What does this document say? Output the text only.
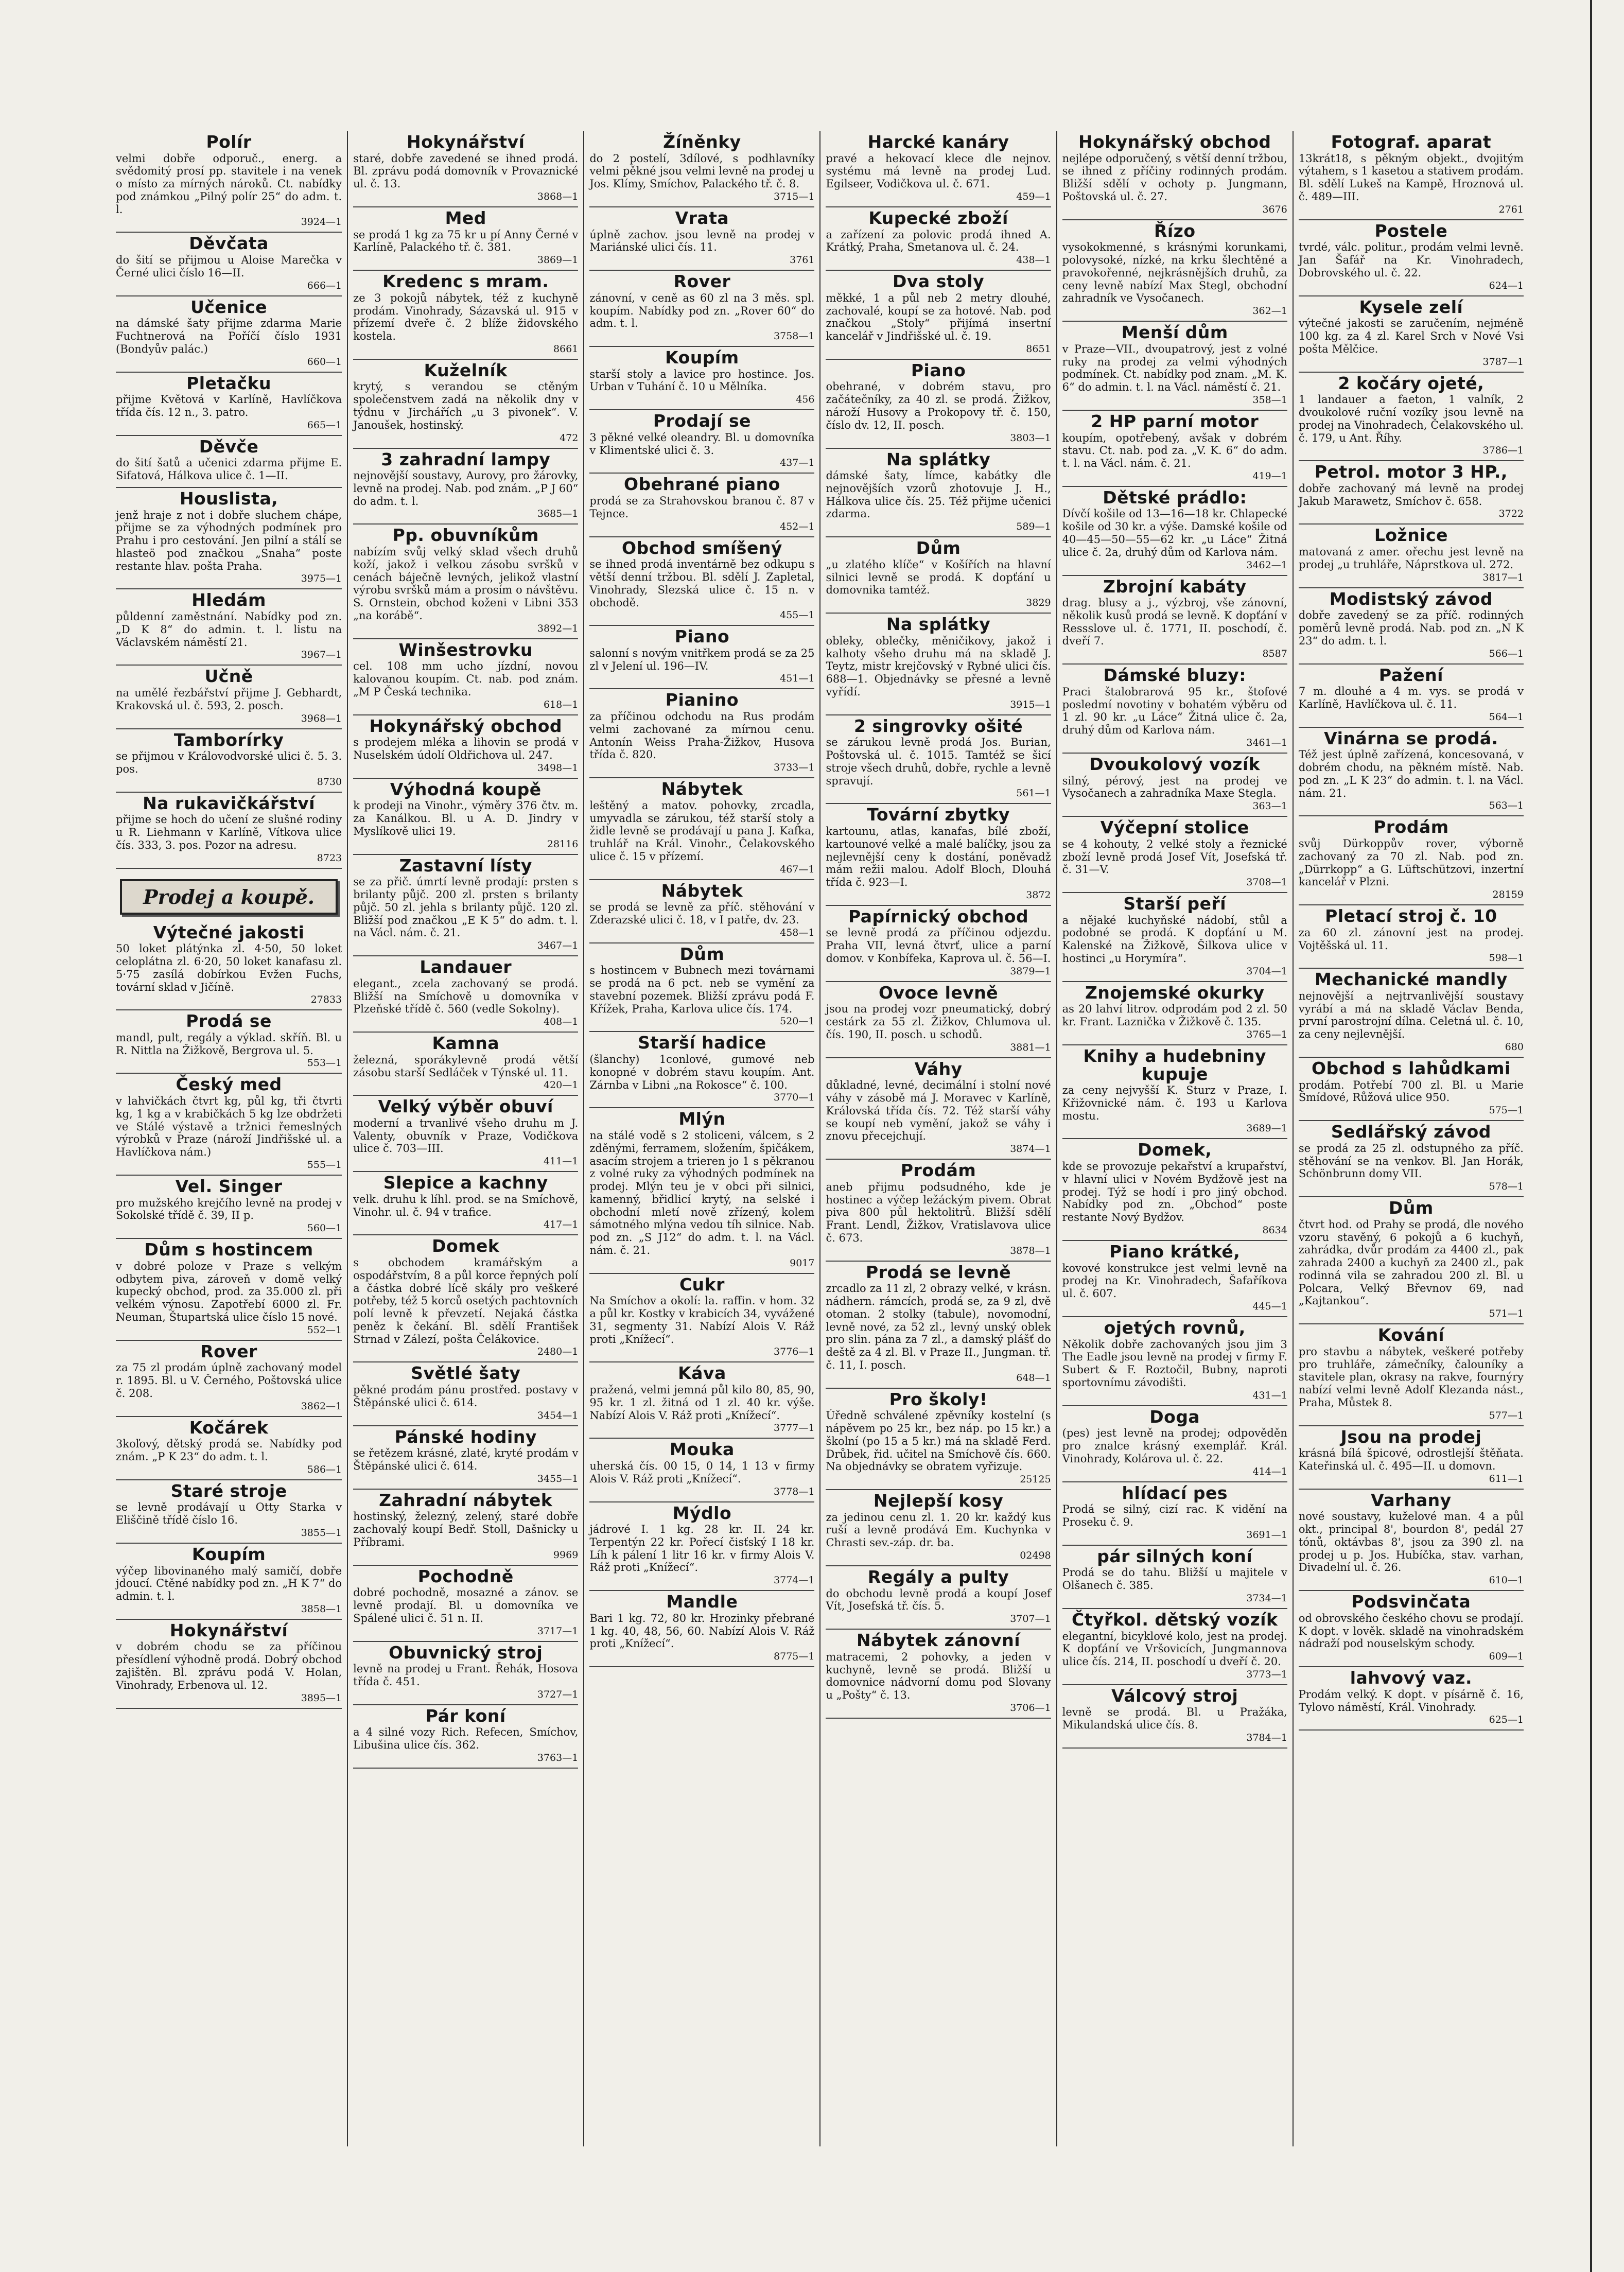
Polír

velmi dobře odporuč., energ. a svědomitý prosí pp. stavitele i na venek o místo za mírných nároků. Ct. nabídky pod známkou „Pilný polír 25“ do adm. t. l.

3924—1
Děvčata

do šití se přijmou u Aloise Marečka v Černé ulici číslo 16—II.

666—1
Učenice

na dámské šaty přijme zdarma Marie Fuchtnerová na Poříčí číslo 1931 (Bondyův palác.)

660—1
Pletačku

přijme Květová v Karlíně, Havlíčkova třída čís. 12 n., 3. patro.

665—1
Děvče

do šití šatů a učenici zdarma přijme E. Sifatová, Hálkova ulice č. 1—II.

Houslista,

jenž hraje z not i dobře sluchem chápe, přijme se za výhodných podmínek pro Prahu i pro cestování. Jen pilní a stálí se hlasteö pod značkou „Snaha“ poste restante hlav. pošta Praha.

3975—1
Hledám

půldenní zaměstnání. Nabídky pod zn. „D K 8“ do admin. t. l. listu na Václavském náměstí 21.

3967—1
Učně

na umělé řezbářství přijme J. Gebhardt, Krakovská ul. č. 593, 2. posch.

3968—1
Tamborírky

se přijmou v Královodvorské ulici č. 5. 3. pos.

8730
Na rukavičkářství

přijme se hoch do učení ze slušné rodiny u R. Liehmann v Karlíně, Vítkova ulice čís. 333, 3. pos. Pozor na adresu.

8723
Prodej a koupě.
Výtečné jakosti

50 loket plátýnka zl. 4·50, 50 loket celoplátna zl. 6·20, 50 loket kanafasu zl. 5·75 zasílá dobírkou Evžen Fuchs, tovární sklad v Jičíně.

27833
Prodá se

mandl, pult, regály a výklad. skříň. Bl. u R. Nittla na Žižkově, Bergrova ul. 5.

553—1
Český med

v lahvičkách čtvrt kg, půl kg, tři čtvrti kg, 1 kg a v krabičkách 5 kg lze obdržeti ve Stálé výstavě a tržnici řemeslných výrobků v Praze (nároží Jindřišské ul. a Havlíčkova nám.)

555—1
Vel. Singer

pro mužského krejčího levně na prodej v Sokolské třídě č. 39, II p.

560—1
Dům s hostincem

v dobré poloze v Praze s velkým odbytem piva, zároveň v domě velký kupecký obchod, prod. za 35.000 zl. při velkém výnosu. Zapotřebí 6000 zl. Fr. Neuman, Štupartská ulice číslo 15 nové.

552—1
Rover

za 75 zl prodám úplně zachovaný model r. 1895. Bl. u V. Černého, Poštovská ulice č. 208.

3862—1
Kočárek

3koľový, dětský prodá se. Nabídky pod znám. „P K 23“ do adm. t. l.

586—1
Staré stroje

se levně prodávají u Otty Starka v Eliščině třídě číslo 16.

3855—1
Koupím

výčep libovinaného malý samičí, dobře jdoucí. Ctěné nabídky pod zn. „H K 7“ do admin. t. l.

3858—1
Hokynářství

v dobrém chodu se za příčinou přesídlení výhodně prodá. Dobrý obchod zajištěn. Bl. zprávu podá V. Holan, Vinohrady, Erbenova ul. 12.

3895—1
Hokynářství

staré, dobře zavedené se ihned prodá. Bl. zprávu podá domovník v Provaznické ul. č. 13.

3868—1
Med

se prodá 1 kg za 75 kr u pí Anny Černé v Karlíně, Palackého tř. č. 381.

3869—1
Kredenc s mram.

ze 3 pokojů nábytek, též z kuchyně prodám. Vinohrady, Sázavská ul. 915 v přízemí dveře č. 2 blíže židovského kostela.

8661
Kuželník

krytý, s verandou se ctěným společenstvem zadá na několik dny v týdnu v Jirchářích „u 3 pivonek“. V. Janoušek, hostinský.

472
3 zahradní lampy

nejnovější soustavy, Aurovy, pro žárovky, levně na prodej. Nab. pod znám. „P J 60“ do adm. t. l.

3685—1
Pp. obuvníkům

nabízím svůj velký sklad všech druhů koží, jakož i velkou zásobu svršků v cenách báječně levných, jelikož vlastní výrobu svršků mám a prosím o návštěvu. S. Ornstein, obchod koženi v Libni 353 „na korábě“.

3892—1
Winšestrovku

cel. 108 mm ucho jízdní, novou kalovanou koupím. Ct. nab. pod znám. „M P Česká technika.

618—1
Hokynářský obchod

s prodejem mléka a lihovin se prodá v Nuselském údolí Oldřichova ul. 247.

3498—1
Výhodná koupě

k prodeji na Vinohr., výměry 376 čtv. m. za Kanálkou. Bl. u A. D. Jindry v Myslíkově ulici 19.

28116
Zastavní lísty

se za přič. úmrtí levně prodají: prsten s brilanty půjč. 200 zl. prsten s brilanty půjč. 50 zl. jehla s brilanty půjč. 120 zl. Bližší pod značkou „E K 5“ do adm. t. l. na Václ. nám. č. 21.

3467—1
Landauer

elegant., zcela zachovaný se prodá. Bližší na Smíchově u domovníka v Plzeňské třídě č. 560 (vedle Sokolny).

408—1
Kamna

železná, sporákylevně prodá větší zásobu starší Sedláček v Týnské ul. 11.

420—1
Velký výběr obuví

moderní a trvanlivé všeho druhu m J. Valenty, obuvník v Praze, Vodičkova ulice č. 703—III.

411—1
Slepice a kachny

velk. druhu k líhl. prod. se na Smíchově, Vinohr. ul. č. 94 v trafice.

417—1
Domek

s obchodem kramářským a ospodářstvím, 8 a půl korce řepných polí a částka dobré lícě skály pro veškeré potřeby, též 5 korců osetých pachtovních polí levně k převzetí. Nejaká částka peněz k čekání. Bl. sdělí František Strnad v Zálezí, pošta Čelákovice.

2480—1
Světlé šaty

pěkné prodám pánu prostřed. postavy v Štěpánské ulici č. 614.

3454—1
Pánské hodiny

se řetězem krásné, zlaté, kryté prodám v Štěpánské ulici č. 614.

3455—1
Zahradní nábytek

hostinský, železný, zelený, staré dobře zachovalý koupí Bedř. Stoll, Dašnicky u Příbrami.

9969
Pochodně

dobré pochodně, mosazné a zánov. se levně prodají. Bl. u domovníka ve Spálené ulici č. 51 n. II.

3717—1
Obuvnický stroj

levně na prodej u Frant. Řehák, Hosova třída č. 451.

3727—1
Pár koní

a 4 silné vozy Rich. Refecen, Smíchov, Libušina ulice čís. 362.

3763—1
Žíněnky

do 2 postelí, 3dílové, s podhlavníky velmi pěkné jsou velmi levně na prodej u Jos. Klímy, Smíchov, Palackého tř. č. 8.

3715—1
Vrata

úplně zachov. jsou levně na prodej v Mariánské ulici čís. 11.

3761
Rover

zánovní, v ceně as 60 zl na 3 měs. spl. koupím. Nabídky pod zn. „Rover 60“ do adm. t. l.

3758—1
Koupím

starší stoly a lavice pro hostince. Jos. Urban v Tuhání č. 10 u Mělníka.

456
Prodají se

3 pěkné velké oleandry. Bl. u domovníka v Klimentské ulici č. 3.

437—1
Obehrané piano

prodá se za Strahovskou branou č. 87 v Tejnce.

452—1
Obchod smíšený

se ihned prodá inventárně bez odkupu s větší denní tržbou. Bl. sdělí J. Zapletal, Vinohrady, Slezská ulice č. 15 n. v obchodě.

455—1
Piano

salonní s novým vnitřkem prodá se za 25 zl v Jelení ul. 196—IV.

451—1
Pianino

za příčinou odchodu na Rus prodám velmi zachované za mírnou cenu. Antonín Weiss Praha-Žižkov, Husova třída č. 820.

3733—1
Nábytek

leštěný a matov. pohovky, zrcadla, umyvadla se zárukou, též starší stoly a židle levně se prodávají u pana J. Kafka, truhlář na Král. Vinohr., Čelakovského ulice č. 15 v přízemí.

467—1
Nábytek

se prodá se levně za příč. stěhování v Zderazské ulici č. 18, v I patře, dv. 23.

458—1
Dům

s hostincem v Bubnech mezi továrnami se prodá na 6 pct. neb se vymění za stavební pozemek. Bližší zprávu podá F. Křížek, Praha, Karlova ulice čís. 174.

520—1
Starší hadice

(šlanchy) 1conlové, gumové neb konopné v dobrém stavu koupím. Ant. Zárnba v Libni „na Rokosce“ č. 100.

3770—1
Mlýn

na stálé vodě s 2 stoliceni, válcem, s 2 zděnými, ferramem, složením, špičákem, asacím strojem a trieren jo 1 s pěkranou z volné ruky za výhodných podmínek na prodej. Mlýn teu je v obci při silnici, kamenný, břidlicí krytý, na selské i obchodní mletí nově zřízený, kolem sámotného mlýna vedou tíh silnice. Nab. pod zn. „S J12“ do adm. t. l. na Václ. nám. č. 21.

9017
Cukr

Na Smíchov a okolí: la. raffin. v hom. 32 a půl kr. Kostky v krabicích 34, vyvážené 31, segmenty 31. Nabízí Alois V. Ráž proti „Knížecí“.

3776—1
Káva

pražená, velmi jemná půl kilo 80, 85, 90, 95 kr. 1 zl. žitná od 1 zl. 40 kr. výše. Nabízí Alois V. Ráž proti „Knížecí“.

3777—1
Mouka

uherská čís. 00 15, 0 14, 1 13 v firmy Alois V. Ráž proti „Knížecí“.

3778—1
Mýdlo

jádrové I. 1 kg. 28 kr. II. 24 kr. Terpentýn 22 kr. Pořecí čisťský I 18 kr. Líh k pálení 1 litr 16 kr. v firmy Alois V. Ráž proti „Knížecí“.

3774—1
Mandle

Bari 1 kg. 72, 80 kr. Hrozinky přebrané 1 kg. 40, 48, 56, 60. Nabízí Alois V. Ráž proti „Knížecí“.

8775—1
Harcké kanáry

pravé a hekovací klece dle nejnov. systému má levně na prodej Lud. Egilseer, Vodičkova ul. č. 671.

459—1
Kupecké zboží

a zařízení za polovic prodá ihned A. Krátký, Praha, Smetanova ul. č. 24.

438—1
Dva stoly

měkké, 1 a půl neb 2 metry dlouhé, zachovalé, koupí se za hotové. Nab. pod značkou „Stoly“ přijímá insertní kancelář v Jindřišské ul. č. 19.

8651
Piano

obehrané, v dobrém stavu, pro začátečníky, za 40 zl. se prodá. Žižkov, nároží Husovy a Prokopovy tř. č. 150, číslo dv. 12, II. posch.

3803—1
Na splátky

dámské šaty, límce, kabátky dle nejnovějších vzorů zhotovuje J. H., Hálkova ulice čís. 25. Též přijme učenici zdarma.

589—1
Dům

„u zlatého klíče“ v Košířích na hlavní silnici levně se prodá. K dopťání u domovnika tamtéž.

3829
Na splátky

obleky, oblečky, měničikovy, jakož i kalhoty všeho druhu má na skladě J. Teytz, mistr krejčovský v Rybné ulici čís. 688—1. Objednávky se přesné a levně vyřídí.

3915—1
2 singrovky ošité

se zárukou levně prodá Jos. Burian, Poštovská ul. č. 1015. Tamtéž se šicí stroje všech druhů, dobře, rychle a levně spravují.

561—1
Tovární zbytky

kartounu, atlas, kanafas, bílé zboží, kartounové velké a malé balíčky, jsou za nejlevnější ceny k dostání, poněvadž mám režii malou. Adolf Bloch, Dlouhá třída č. 923—I.

3872
Papírnický obchod

se levně prodá za příčinou odjezdu. Praha VII, levná čtvrť, ulice a parní domov. v Konbífeka, Kaprova ul. č. 56—I.

3879—1
Ovoce levně

jsou na prodej vozr pneumatický, dobrý cestárk za 55 zl. Žižkov, Chlumova ul. čís. 190, II. posch. u schodů.

3881—1
Váhy

důkladné, levné, decimální i stolní nové váhy v zásobě má J. Moravec v Karlíně, Královská třída čís. 72. Též starší váhy se koupí neb vymění, jakož se váhy i znovu přecejchují.

3874—1
Prodám

aneb přijmu podsudného, kde je hostinec a výčep ležáckým pivem. Obrat piva 800 půl hektolitrů. Bližší sdělí Frant. Lendl, Žižkov, Vratislavova ulice č. 673.

3878—1
Prodá se levně

zrcadlo za 11 zl, 2 obrazy velké, v krásn. nádhern. rámcích, prodá se, za 9 zl, dvě otoman. 2 stolky (tabule), novomodní, levně nové, za 52 zl., levný unský oblek pro slin. pána za 7 zl., a damský plášť do deště za 4 zl. Bl. v Praze II., Jungman. tř. č. 11, I. posch.

648—1
Pro školy!

Úředně schválené zpěvníky kostelní (s nápěvem po 25 kr., bez náp. po 15 kr.) a školní (po 15 a 5 kr.) má na skladě Ferd. Drůbek, řid. učitel na Smíchově čís. 660. Na objednávky se obratem vyřizuje.

25125
Nejlepší kosy

za jedinou cenu zl. 1. 20 kr. každý kus ruší a levně prodává Em. Kuchynka v Chrasti sev.-záp. dr. ba.

02498
Regály a pulty

do obchodu levně prodá a koupí Josef Vít, Josefská tř. čís. 5.

3707—1
Nábytek zánovní

matracemi, 2 pohovky, a jeden v kuchyně, levně se prodá. Bližší u domovnice nádvorní domu pod Slovany u „Pošty“ č. 13.

3706—1
Hokynářský obchod

nejlépe odporučený, s větší denní tržbou, se ihned z příčiny rodinných prodám. Bližší sdělí v ochoty p. Jungmann, Poštovská ul. č. 27.

3676
Řízo

vysokokmenné, s krásnými korunkami, polovysoké, nízké, na krku šlechtěné a pravokořenné, nejkrásnějších druhů, za ceny levně nabízí Max Stegl, obchodní zahradník ve Vysočanech.

362—1
Menší dům

v Praze—VII., dvoupatrový, jest z volné ruky na prodej za velmi výhodných podmínek. Ct. nabídky pod znam. „M. K. 6“ do admin. t. l. na Václ. náměstí č. 21.

358—1
2 HP parní motor

koupím, opotřebený, avšak v dobrém stavu. Ct. nab. pod za. „V. K. 6“ do adm. t. l. na Václ. nám. č. 21.

419—1
Dětské prádlo:

Dívčí košile od 13—16—18 kr. Chlapecké košile od 30 kr. a výše. Damské košile od 40—45—50—55—62 kr. „u Láce“ Žitná ulice č. 2a, druhý dům od Karlova nám.

3462—1
Zbrojní kabáty

drag. blusy a j., výzbroj, vše zánovní, několik kusů prodá se levně. K dopťání v Ressslove ul. č. 1771, II. poschodí, č. dveří 7.

8587
Dámské bluzy:

Praci štalobrarová 95 kr., štofové posledmí novotiny v bohatém výběru od 1 zl. 90 kr. „u Láce“ Žitná ulice č. 2a, druhý dům od Karlova nám.

3461—1
Dvoukolový vozík

silný, pérový, jest na prodej ve Vysočanech a zahradníka Maxe Stegla.

363—1
Výčepní stolice

se 4 kohouty, 2 velké stoly a řeznické zboží levně prodá Josef Vít, Josefská tř. č. 31—V.

3708—1
Starší peří

a nějaké kuchyňské nádobí, stůl a podobné se prodá. K dopťání u M. Kalenské na Žižkově, Šilkova ulice v hostinci „u Horymíra“.

3704—1
Znojemské okurky

as 20 lahví litrov. odprodám pod 2 zl. 50 kr. Frant. Laznička v Žižkově č. 135.

3765—1
Knihy a hudebniny kupuje

za ceny nejvyšší K. Sturz v Praze, I. Křižovnické nám. č. 193 u Karlova mostu.

3689—1
Domek,

kde se provozuje pekařství a krupařství, v hlavní ulici v Novém Bydžově jest na prodej. Týž se hodí i pro jiný obchod. Nabídky pod zn. „Obchod“ poste restante Nový Bydžov.

8634
Piano krátké,

kovové konstrukce jest velmi levně na prodej na Kr. Vinohradech, Šafaříkova ul. č. 607.

445—1
ojetých rovnů,

Několik dobře zachovaných jsou jim 3 The Eadle jsou levně na prodej v firmy F. Subert & F. Roztočil, Bubny, naproti sportovnímu závodišti.

431—1
Doga

(pes) jest levně na prodej; odpověděn pro znalce krásný exemplář. Král. Vinohrady, Kolárova ul. č. 22.

414—1
hlídací pes

Prodá se silný, cizí rac. K vidění na Proseku č. 9.

3691—1
pár silných koní

Prodá se do tahu. Bližší u majitele v Olšanech č. 385.

3734—1
Čtyřkol. dětský vozík

elegantní, bicyklové kolo, jest na prodej. K dopťání ve Vršovicích, Jungmannova ulice čís. 214, II. poschodí u dveří č. 20.

3773—1
Válcový stroj

levně se prodá. Bl. u Pražáka, Mikulandská ulice čís. 8.

3784—1
Fotograf. aparat

13krát18, s pěkným objekt., dvojitým výtahem, s 1 kasetou a stativem prodám. Bl. sdělí Lukeš na Kampě, Hroznová ul. č. 489—III.

2761
Postele

tvrdé, válc. politur., prodám velmi levně. Jan Šafář na Kr. Vinohradech, Dobrovského ul. č. 22.

624—1
Kysele zelí

výtečné jakosti se zaručením, nejméně 100 kg. za 4 zl. Karel Srch v Nové Vsi pošta Mělčice.

3787—1
2 kočáry ojeté,

1 landauer a faeton, 1 valník, 2 dvoukolové ruční vozíky jsou levně na prodej na Vinohradech, Čelakovského ul. č. 179, u Ant. Říhy.

3786—1
Petrol. motor 3 HP.,

dobře zachovaný má levně na prodej Jakub Marawetz, Smíchov č. 658.

3722
Ložnice

matovaná z amer. ořechu jest levně na prodej „u truhláře, Náprstkova ul. 272.

3817—1
Modistský závod

dobře zavedený se za příč. rodinných poměrů levně prodá. Nab. pod zn. „N K 23“ do adm. t. l.

566—1
Pažení

7 m. dlouhé a 4 m. vys. se prodá v Karlíně, Havlíčkova ul. č. 11.

564—1
Vinárna se prodá.

Též jest úplně zařízená, koncesovaná, v dobrém chodu, na pěkném místě. Nab. pod zn. „L K 23“ do admin. t. l. na Václ. nám. 21.

563—1
Prodám

svůj Dürkoppův rover, výborně zachovaný za 70 zl. Nab. pod zn. „Dürrkopp“ a G. Lüftschützovi, inzertní kancelář v Plzni.

28159
Pletací stroj č. 10

za 60 zl. zánovní jest na prodej. Vojtěšská ul. 11.

598—1
Mechanické mandly

nejnovější a nejtrvanlivější soustavy vyrábí a má na skladě Václav Benda, první parostrojní dílna. Celetná ul. č. 10, za ceny nejlevnější.

680
Obchod s lahůdkami

prodám. Potřebí 700 zl. Bl. u Marie Šmídové, Růžová ulice 950.

575—1
Sedlářský závod

se prodá za 25 zl. odstupného za příč. stěhování se na venkov. Bl. Jan Horák, Schönbrunn domy VII.

578—1
Dům

čtvrt hod. od Prahy se prodá, dle nového vzoru stavěný, 6 pokojů a 6 kuchyň, zahrádka, dvůr prodám za 4400 zl., pak zahrada 2400 a kuchyň za 2400 zl., pak rodinná vila se zahradou 200 zl. Bl. u Polcara, Velký Břevnov 69, nad „Kajtankou“.

571—1
Kování

pro stavbu a nábytek, veškeré potřeby pro truhláře, zámečníky, čalouníky a stavitele plan, okrasy na rakve, fournýry nabízí velmi levně Adolf Klezanda nást., Praha, Můstek 8.

577—1
Jsou na prodej

krásná bílá špicové, odrostlejší štěňata. Kateřinská ul. č. 495—II. u domovn.

611—1
Varhany

nové soustavy, kuželové man. 4 a půl okt., principal 8', bourdon 8', pedál 27 tónů, oktávbas 8', jsou za 390 zl. na prodej u p. Jos. Hubíčka, stav. varhan, Divadelní ul. č. 26.

610—1
Podsvinčata

od obrovského českého chovu se prodají. K dopt. v lověk. skladě na vinohradském nádraží pod nouselským schody.

609—1
lahvový vaz.

Prodám velký. K dopt. v písárně č. 16, Tylovo náměstí, Král. Vinohrady.

625—1
